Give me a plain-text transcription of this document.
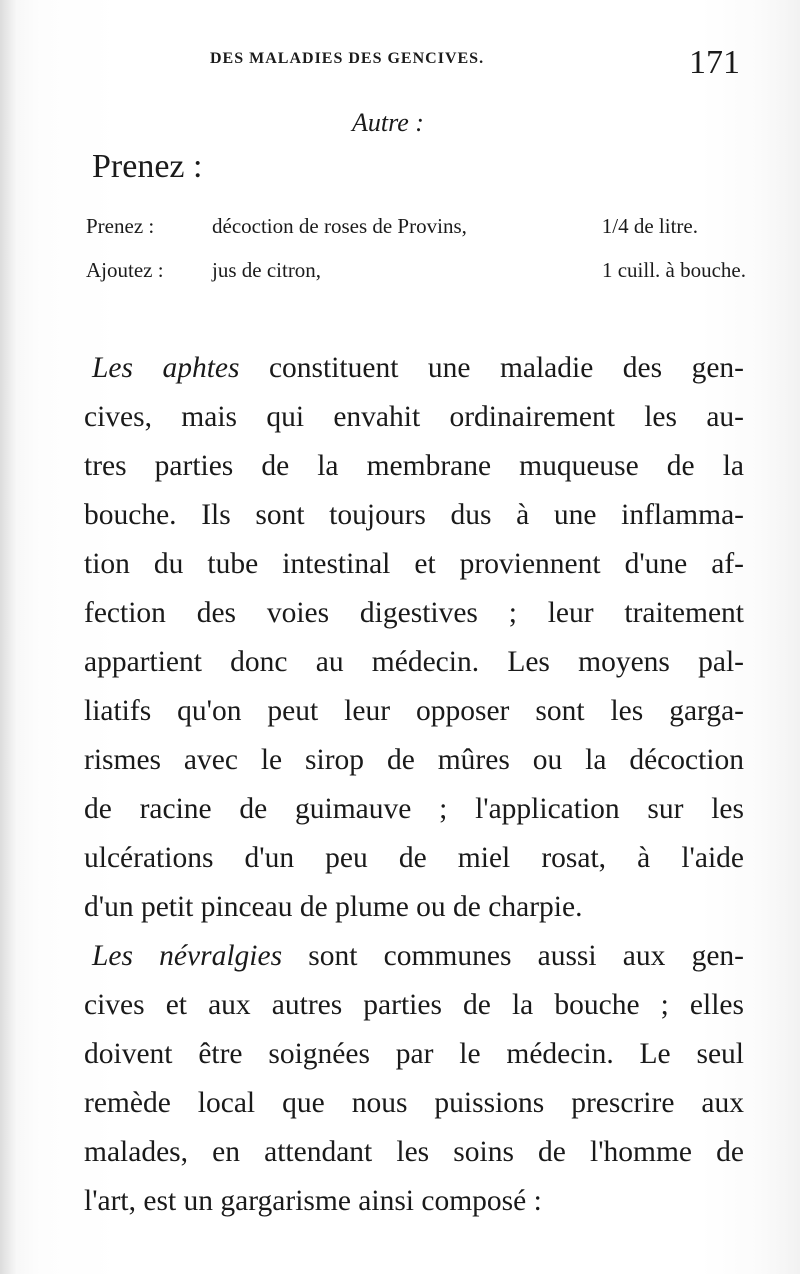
DES MALADIES DES GENCIVES.	171
Autre :
Prenez :
Prenez :	décoction de roses de Provins,	1/4 de litre.
Ajoutez : jus de citron,	1 cuill. à bouche.
Les aphtes constituent une maladie des gen-
cives, mais qui envahit ordinairement les au-
tres parties de la membrane muqueuse de la
bouche. Ils sont toujours dus à une inflamma-
tion du tube intestinal et proviennent d'une af-
fection des voies digestives ; leur traitement
appartient donc au médecin. Les moyens pal-
liatifs qu'on peut leur opposer sont les garga-
rismes avec le sirop de mûres ou la décoction
de racine de guimauve ; l'application sur les
ulcérations d'un peu de miel rosat, à l'aide
d'un petit pinceau de plume ou de charpie.
Les névralgies sont communes aussi aux gen-
cives et aux autres parties de la bouche ; elles
doivent être soignées par le médecin. Le seul
remède local que nous puissions prescrire aux
malades, en attendant les soins de l'homme de
l'art, est un gargarisme ainsi composé :
